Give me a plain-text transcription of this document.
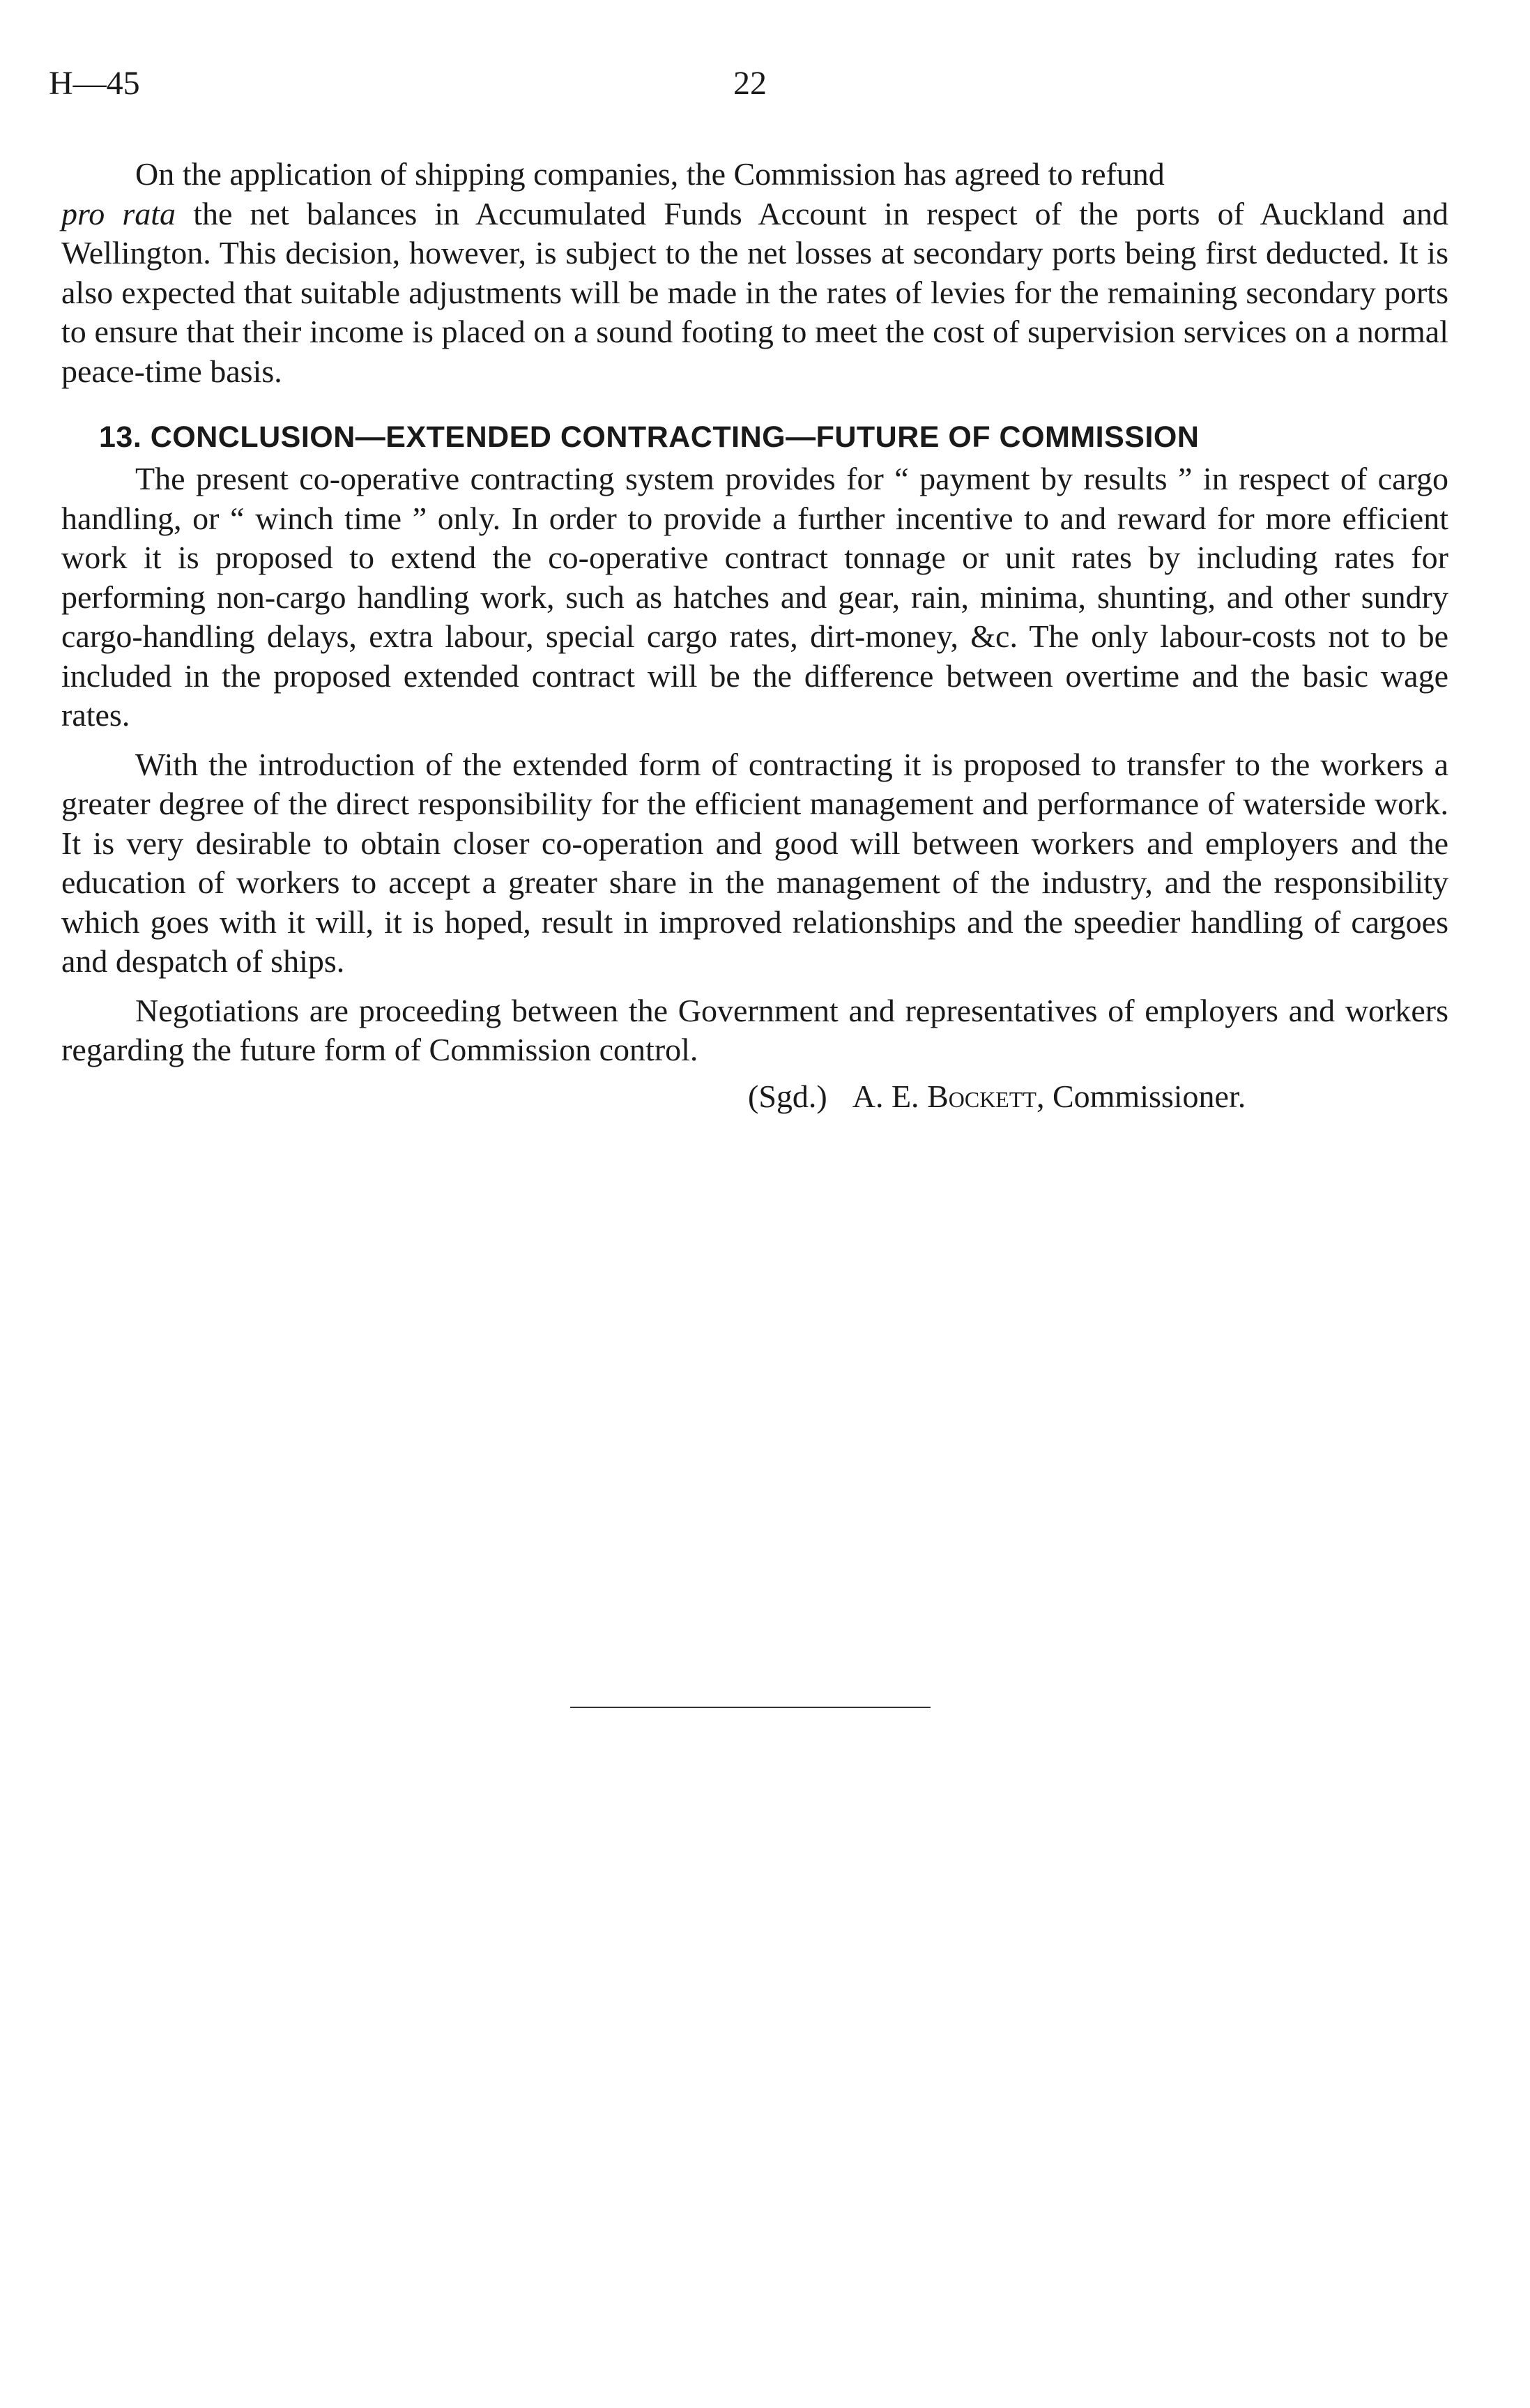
H—45	22

On the application of shipping companies, the Commission has agreed to refund
pro rata the net balances in Accumulated Funds Account in respect of the ports of Auckland and Wellington. This decision, however, is subject to the net losses at secondary ports being first deducted. It is also expected that suitable adjustments will be made in the rates of levies for the remaining secondary ports to ensure that their income is placed on a sound footing to meet the cost of supervision services on a normal peace-time basis.

13. CONCLUSION—EXTENDED CONTRACTING—FUTURE OF COMMISSION

The present co-operative contracting system provides for “ payment by results ” in respect of cargo handling, or “ winch time ” only. In order to provide a further incentive to and reward for more efficient work it is proposed to extend the co-operative contract tonnage or unit rates by including rates for performing non-cargo handling work, such as hatches and gear, rain, minima, shunting, and other sundry cargo-handling delays, extra labour, special cargo rates, dirt-money, &c. The only labour-costs not to be included in the proposed extended contract will be the difference between overtime and the basic wage rates.

With the introduction of the extended form of contracting it is proposed to transfer to the workers a greater degree of the direct responsibility for the efficient management and performance of waterside work. It is very desirable to obtain closer co-operation and good will between workers and employers and the education of workers to accept a greater share in the management of the industry, and the responsibility which goes with it will, it is hoped, result in improved relationships and the speedier handling of cargoes and despatch of ships.

Negotiations are proceeding between the Government and representatives of employers and workers regarding the future form of Commission control.

(Sgd.) A. E. Bockett, Commissioner.
